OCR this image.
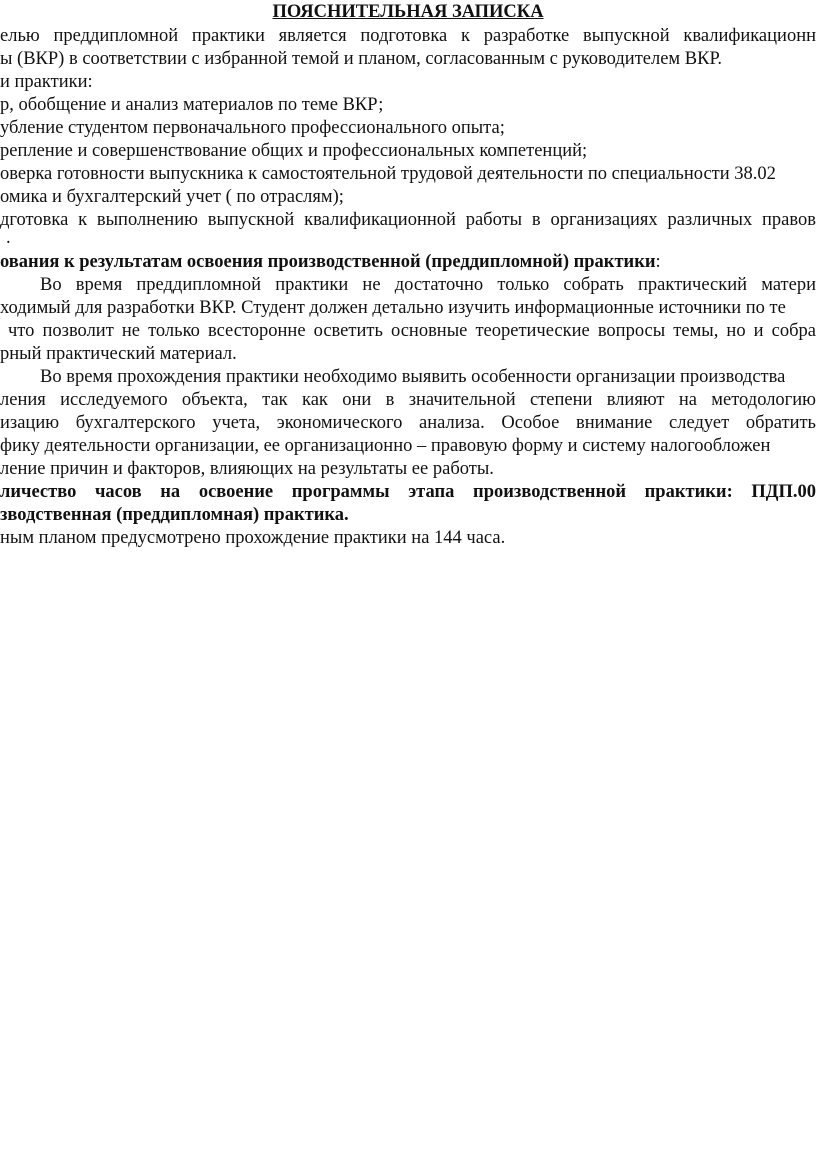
ПОЯСНИТЕЛЬНАЯ ЗАПИСКА
елью преддипломной практики является подготовка к разработке выпускной квалификационн
ы (ВКР) в соответствии с избранной темой и планом, согласованным с руководителем ВКР.
и практики:
р, обобщение и анализ материалов по теме ВКР;
убление студентом первоначального профессионального опыта;
репление и совершенствование общих и профессиональных компетенций;
оверка готовности выпускника к самостоятельной трудовой деятельности по специальности 38.02
омика и бухгалтерский учет ( по отраслям);
дготовка к выполнению выпускной квалификационной работы в организациях различных правов
.
ования к результатам освоения производственной (преддипломной) практики:
Во время преддипломной практики не достаточно только собрать практический матери
ходимый для разработки ВКР. Студент должен детально изучить информационные источники по те
что позволит не только всесторонне осветить основные теоретические вопросы темы, но и собра
рный практический материал.
Во время прохождения практики необходимо выявить особенности организации производства
ления исследуемого объекта, так как они в значительной степени влияют на методологию
изацию бухгалтерского учета, экономического анализа. Особое внимание следует обратить
фику деятельности организации, ее организационно – правовую форму и систему налогообложен
ление причин и факторов, влияющих на результаты ее работы.
личество часов на освоение программы этапа производственной практики: ПДП.00
зводственная (преддипломная) практика.
ным планом предусмотрено прохождение практики на 144 часа.
